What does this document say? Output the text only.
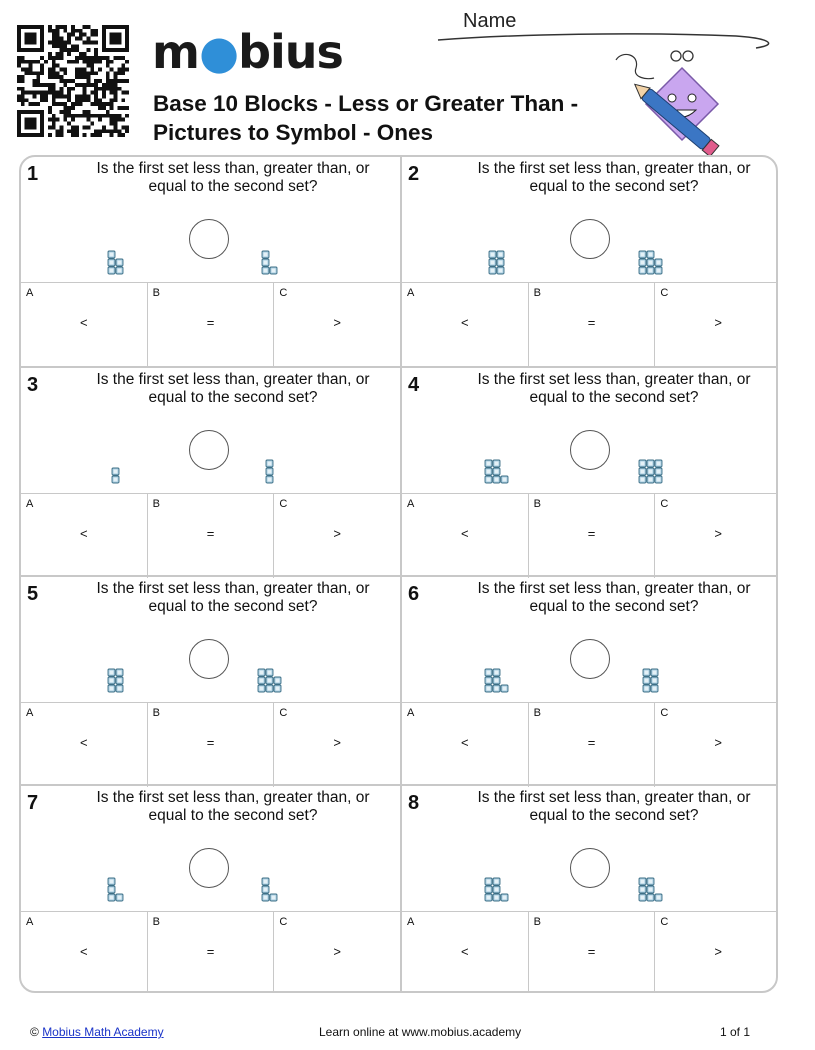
m●bius
Base 10 Blocks - Less or Greater Than -
Pictures to Symbol - Ones
Name
1	Is the first set less than, greater than, or equal to the second set?
A
<
B
=
C
>
2	Is the first set less than, greater than, or equal to the second set?
A
<
B
=
C
>
3	Is the first set less than, greater than, or equal to the second set?
A
<
B
=
C
>
4	Is the first set less than, greater than, or equal to the second set?
A
<
B
=
C
>
5	Is the first set less than, greater than, or equal to the second set?
A
<
B
=
C
>
6	Is the first set less than, greater than, or equal to the second set?
A
<
B
=
C
>
7	Is the first set less than, greater than, or equal to the second set?
A
<
B
=
C
>
8	Is the first set less than, greater than, or equal to the second set?
A
<
B
=
C
>
© Mobius Math Academy	Learn online at www.mobius.academy	1 of 1
